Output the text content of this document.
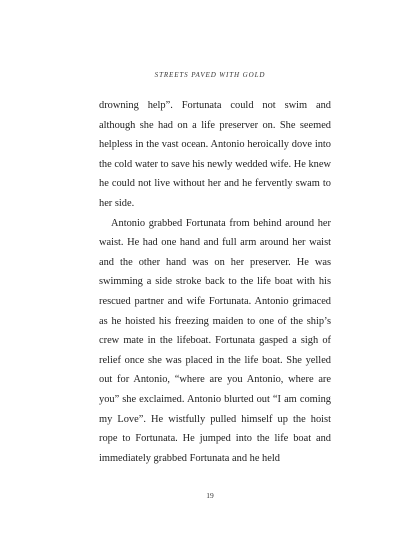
STREETS PAVED WITH GOLD

drowning help”. Fortunata could not swim and although she had on a life preserver on. She seemed helpless in the vast ocean. Antonio heroically dove into the cold water to save his newly wedded wife. He knew he could not live without her and he fervently swam to her side.

Antonio grabbed Fortunata from behind around her waist. He had one hand and full arm around her waist and the other hand was on her preserver. He was swimming a side stroke back to the life boat with his rescued partner and wife Fortunata. Antonio grimaced as he hoisted his freezing maiden to one of the ship’s crew mate in the lifeboat. Fortunata gasped a sigh of relief once she was placed in the life boat. She yelled out for Antonio, “where are you Antonio, where are you” she exclaimed. Antonio blurted out “I am coming my Love”. He wistfully pulled himself up the hoist rope to Fortunata. He jumped into the life boat and immediately grabbed Fortunata and he held

19
